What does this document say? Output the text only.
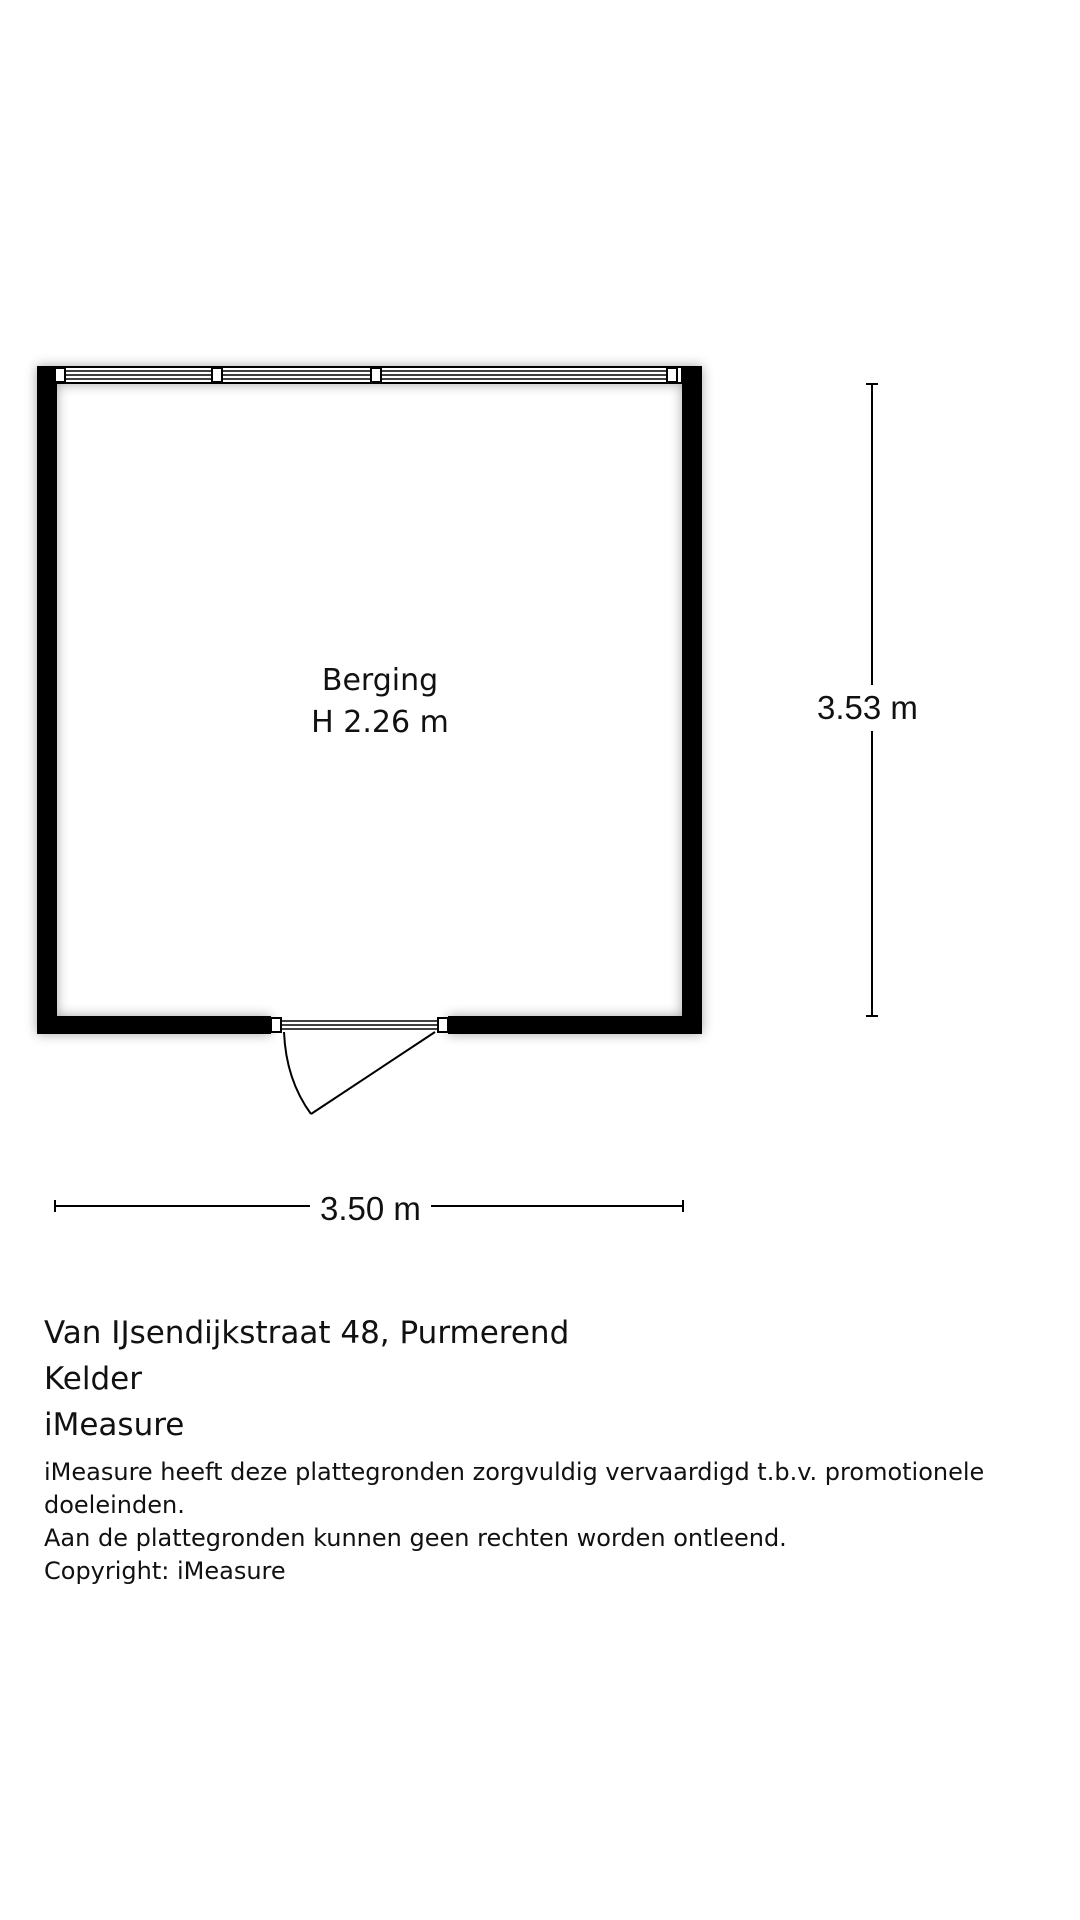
Berging
H 2.26 m	3.53 m
3.50 m
Van IJsendijkstraat 48, Purmerend
Kelder
iMeasure
iMeasure heeft deze plattegronden zorgvuldig vervaardigd t.b.v. promotionele doeleinden.
Aan de plattegronden kunnen geen rechten worden ontleend.
Copyright: iMeasure
